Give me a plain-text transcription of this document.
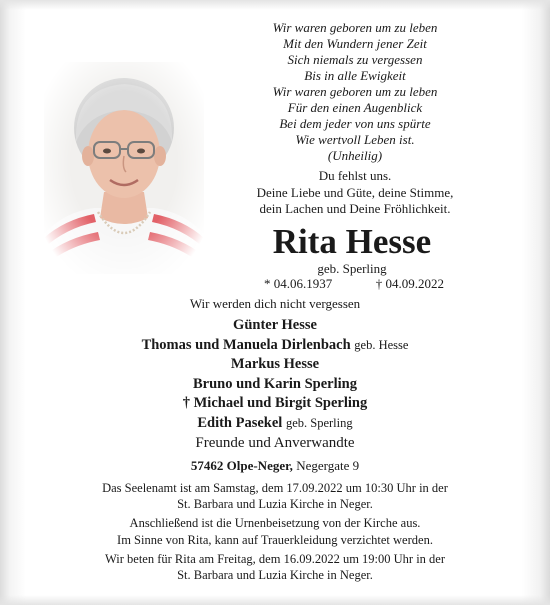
Wir waren geboren um zu leben
Mit den Wundern jener Zeit
Sich niemals zu vergessen
Bis in alle Ewigkeit
Wir waren geboren um zu leben
Für den einen Augenblick
Bei dem jeder von uns spürte
Wie wertvoll Leben ist.
(Unheilig)
Du fehlst uns.
Deine Liebe und Güte, deine Stimme,
dein Lachen und Deine Fröhlichkeit.
Rita Hesse
geb. Sperling
* 04.06.1937	† 04.09.2022
Wir werden dich nicht vergessen
Günter Hesse
Thomas und Manuela Dirlenbach geb. Hesse
Markus Hesse
Bruno und Karin Sperling
† Michael und Birgit Sperling
Edith Pasekel geb. Sperling
Freunde und Anverwandte
57462 Olpe-Neger, Negergate 9

Das Seelenamt ist am Samstag, dem 17.09.2022 um 10:30 Uhr in der
St. Barbara und Luzia Kirche in Neger.

Anschließend ist die Urnenbeisetzung von der Kirche aus.
Im Sinne von Rita, kann auf Trauerkleidung verzichtet werden.

Wir beten für Rita am Freitag, dem 16.09.2022 um 19:00 Uhr in der
St. Barbara und Luzia Kirche in Neger.
